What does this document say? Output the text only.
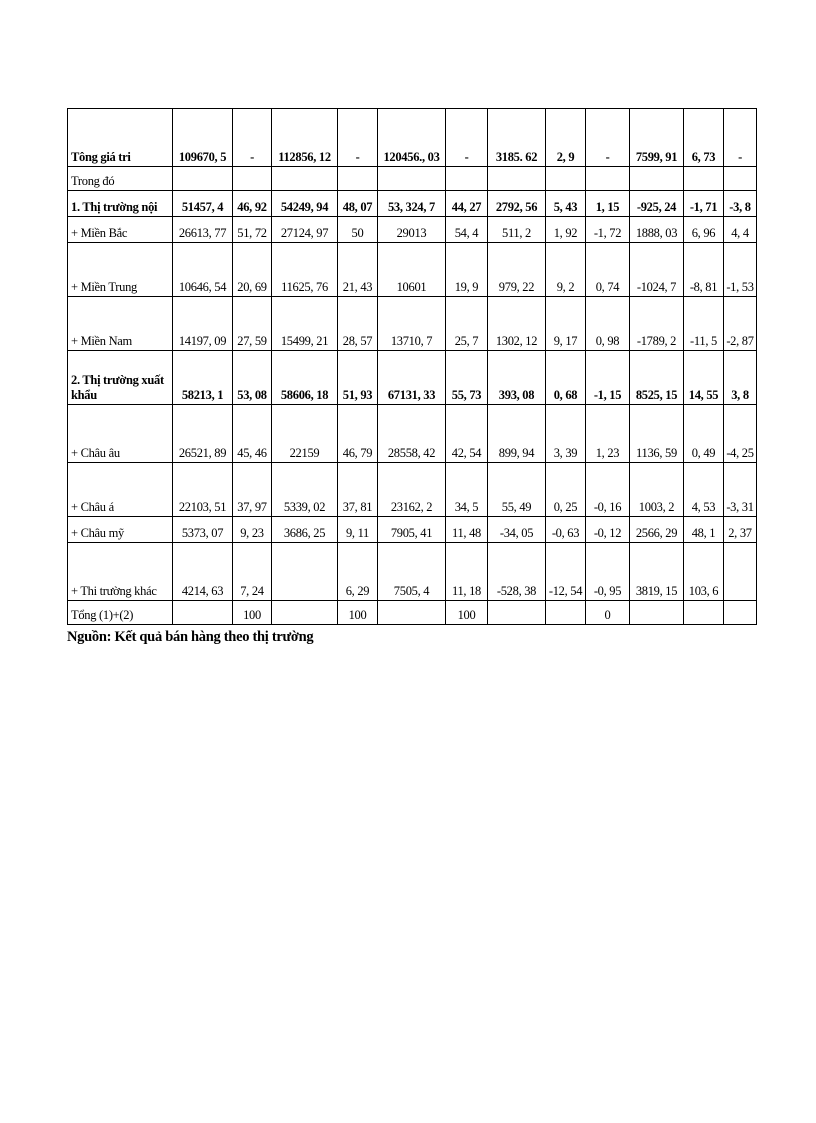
Tông giá tri	109670, 5	-	112856, 12	-	120456., 03	-	3185. 62	2, 9	-	7599, 91	6, 73	-
Trong đó												
1. Thị trường nội	51457, 4	46, 92	54249, 94	48, 07	53, 324, 7	44, 27	2792, 56	5, 43	1, 15	-925, 24	-1, 71	-3, 8
+ Miền Bắc	26613, 77	51, 72	27124, 97	50	29013	54, 4	511, 2	1, 92	-1, 72	1888, 03	6, 96	4, 4
+ Miền Trung	10646, 54	20, 69	11625, 76	21, 43	10601	19, 9	979, 22	9, 2	0, 74	-1024, 7	-8, 81	-1, 53
+ Miền Nam	14197, 09	27, 59	15499, 21	28, 57	13710, 7	25, 7	1302, 12	9, 17	0, 98	-1789, 2	-11, 5	-2, 87
2. Thị trường xuất khẩu	58213, 1	53, 08	58606, 18	51, 93	67131, 33	55, 73	393, 08	0, 68	-1, 15	8525, 15	14, 55	3, 8
+ Châu âu	26521, 89	45, 46	22159	46, 79	28558, 42	42, 54	899, 94	3, 39	1, 23	1136, 59	0, 49	-4, 25
+ Châu á	22103, 51	37, 97	5339, 02	37, 81	23162, 2	34, 5	55, 49	0, 25	-0, 16	1003, 2	4, 53	-3, 31
+ Châu mỹ	5373, 07	9, 23	3686, 25	9, 11	7905, 41	11, 48	-34, 05	-0, 63	-0, 12	2566, 29	48, 1	2, 37
+ Thi trường khác	4214, 63	7, 24		6, 29	7505, 4	11, 18	-528, 38	-12, 54	-0, 95	3819, 15	103, 6	
Tổng (1)+(2)		100		100		100			0			
Nguồn: Kết quả bán hàng theo thị trường
